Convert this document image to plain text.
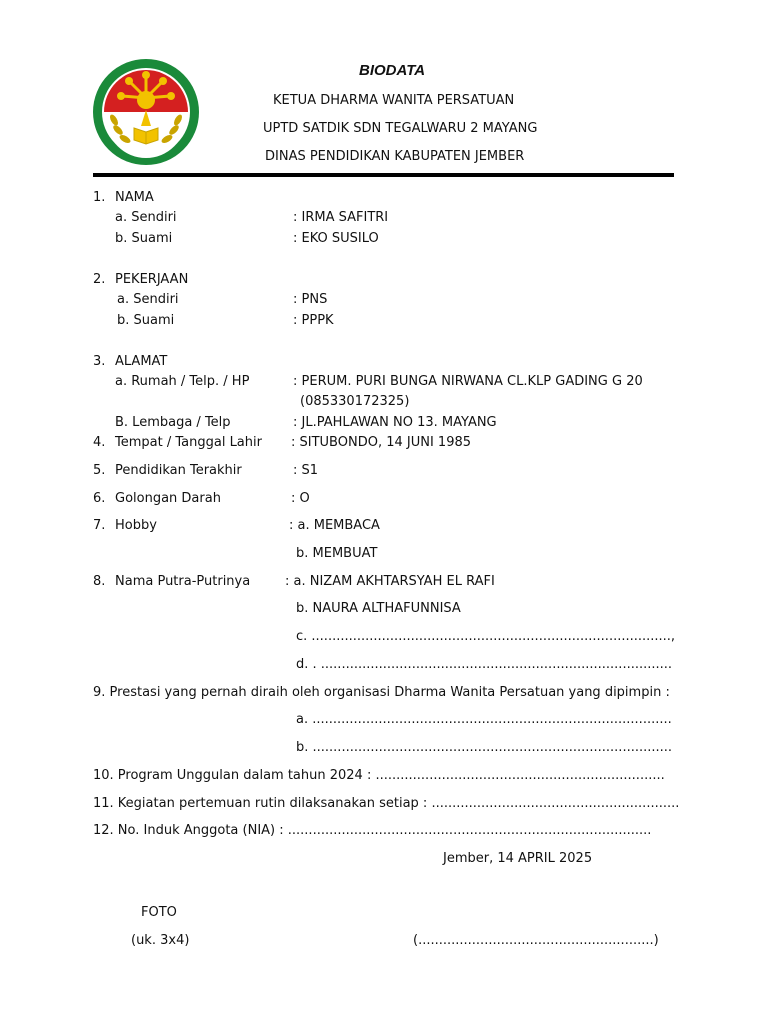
BIODATA
KETUA DHARMA WANITA PERSATUAN
UPTD SATDIK SDN TEGALWARU 2 MAYANG
DINAS PENDIDIKAN KABUPATEN JEMBER
1. NAMA
a. Sendiri	: IRMA SAFITRI
b. Suami	: EKO SUSILO
2. PEKERJAAN
a. Sendiri	: PNS
b. Suami	: PPPK
3. ALAMAT
a. Rumah / Telp. / HP	: PERUM. PURI BUNGA NIRWANA CL.KLP GADING G 20
(085330172325)
B. Lembaga / Telp	: JL.PAHLAWAN NO 13. MAYANG
4. Tempat / Tanggal Lahir : SITUBONDO, 14 JUNI 1985
5. Pendidikan Terakhir	: S1
6. Golongan Darah	: O
7. Hobby	: a. MEMBACA
b. MEMBUAT
8. Nama Putra-Putrinya	: a. NIZAM AKHTARSYAH EL RAFI
b. NAURA ALTHAFUNNISA
c. .......................................................................................,
d. . .....................................................................................
9. Prestasi yang pernah diraih oleh organisasi Dharma Wanita Persatuan yang dipimpin :
a. .......................................................................................
b. .......................................................................................
10. Program Unggulan dalam tahun 2024 : ......................................................................
11. Kegiatan pertemuan rutin dilaksanakan setiap : ............................................................
12. No. Induk Anggota (NIA) : ........................................................................................
Jember, 14 APRIL 2025
FOTO
(uk. 3x4)	(.........................................................)
